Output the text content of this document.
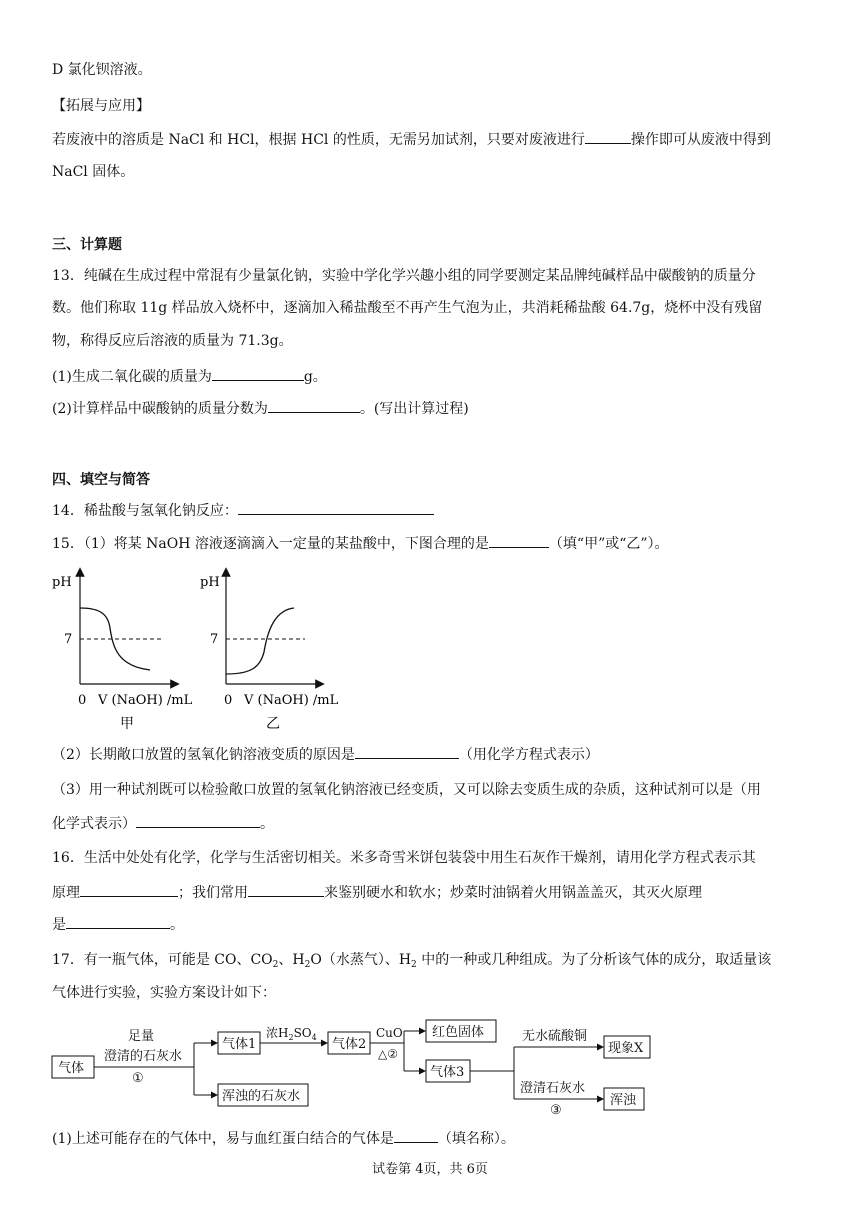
D 氯化钡溶液。
【拓展与应用】
若废液中的溶质是 NaCl 和 HCl，根据 HCl 的性质，无需另加试剂，只要对废液进行	操作即可从废液中得到
NaCl 固体。
三、计算题
13．纯碱在生成过程中常混有少量氯化钠，实验中学化学兴趣小组的同学要测定某品牌纯碱样品中碳酸钠的质量分
数。他们称取 11g 样品放入烧杯中，逐滴加入稀盐酸至不再产生气泡为止，共消耗稀盐酸 64.7g，烧杯中没有残留
物，称得反应后溶液的质量为 71.3g。
(1)生成二氧化碳的质量为	g。
(2)计算样品中碳酸钠的质量分数为	。(写出计算过程)
四、填空与简答
14．稀盐酸与氢氧化钠反应：
15．（1）将某 NaOH 溶液逐滴滴入一定量的某盐酸中，下图合理的是	（填“甲”或“乙”）。
pH
7
0 V (NaOH) /mL
甲
pH
7
0 V (NaOH) /mL
乙
（2）长期敞口放置的氢氧化钠溶液变质的原因是	（用化学方程式表示）
（3）用一种试剂既可以检验敞口放置的氢氧化钠溶液已经变质，又可以除去变质生成的杂质，这种试剂可以是（用
化学式表示）	。
16．生活中处处有化学，化学与生活密切相关。米多奇雪米饼包装袋中用生石灰作干燥剂，请用化学方程式表示其
原理	；我们常用	来鉴别硬水和软水；炒菜时油锅着火用锅盖盖灭，其灭火原理
是	。
17．有一瓶气体，可能是 CO、$CO_2$、$H_2O$（水蒸气）、$H_2$ 中的一种或几种组成。为了分析该气体的成分，取适量该
气体进行实验，实验方案设计如下：
气体
足量
澄清的石灰水
①
气体1
浑浊的石灰水
浓$H_2SO_4$ 气体2
CuO
△②
红色固体
气体3
无水硫酸铜
现象X
澄清石灰水
③
浑浊
(1)上述可能存在的气体中，易与血红蛋白结合的气体是	（填名称）。
试卷第 4页，共 6页
